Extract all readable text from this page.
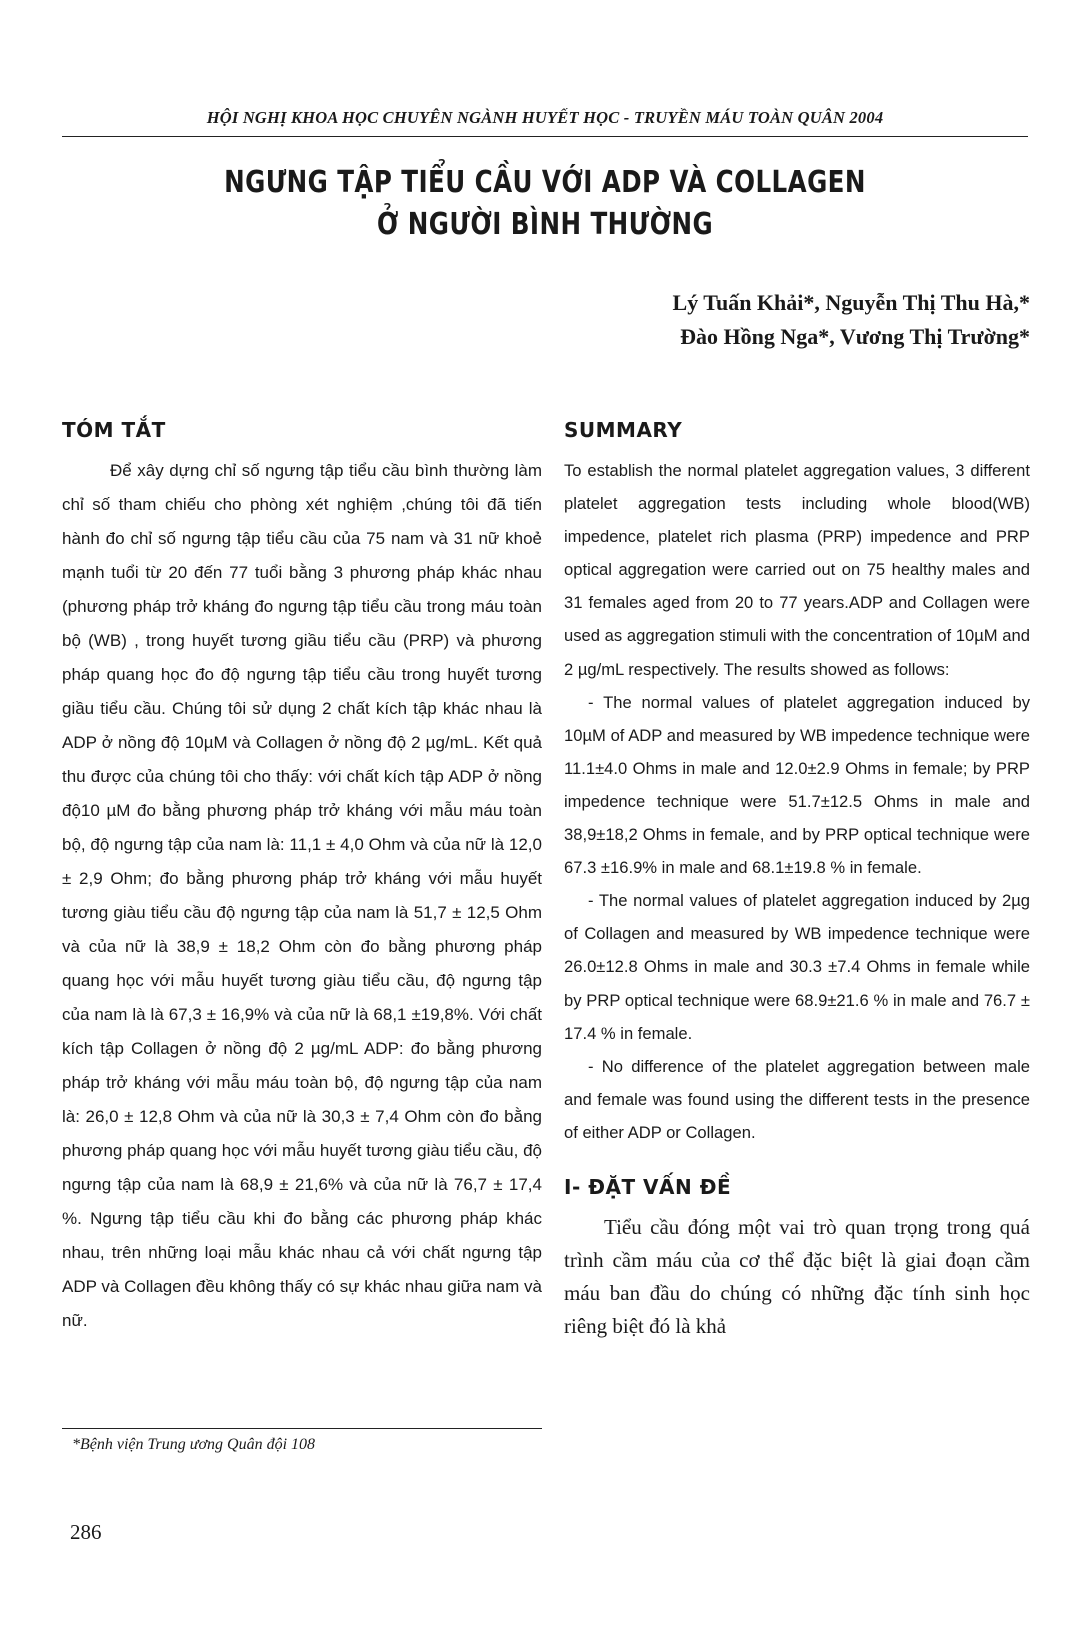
HỘI NGHỊ KHOA HỌC CHUYÊN NGÀNH HUYẾT HỌC - TRUYỀN MÁU TOÀN QUÂN 2004
NGƯNG TẬP TIỂU CẦU VỚI ADP VÀ COLLAGEN
Ở NGƯỜI BÌNH THƯỜNG
Lý Tuấn Khải*, Nguyễn Thị Thu Hà,*
Đào Hồng Nga*, Vương Thị Trường*
TÓM TẮT

Để xây dựng chỉ số ngưng tập tiểu cầu bình thường làm chỉ số tham chiếu cho phòng xét nghiệm ,chúng tôi đã tiến hành đo chỉ số ngưng tập tiểu cầu của 75 nam và 31 nữ khoẻ mạnh tuổi từ 20 đến 77 tuổi bằng 3 phương pháp khác nhau (phương pháp trở kháng đo ngưng tập tiểu cầu trong máu toàn bộ (WB) , trong huyết tương giầu tiểu cầu (PRP) và phương pháp quang học đo độ ngưng tập tiểu cầu trong huyết tương giầu tiểu cầu. Chúng tôi sử dụng 2 chất kích tập khác nhau là ADP ở nồng độ 10µM và Collagen ở nồng độ 2 µg/mL. Kết quả thu được của chúng tôi cho thấy: với chất kích tập ADP ở nồng độ10 µM đo bằng phương pháp trở kháng với mẫu máu toàn bộ, độ ngưng tập của nam là: 11,1 ± 4,0 Ohm và của nữ là 12,0 ± 2,9 Ohm; đo bằng phương pháp trở kháng với mẫu huyết tương giàu tiểu cầu độ ngưng tập của nam là 51,7 ± 12,5 Ohm và của nữ là 38,9 ± 18,2 Ohm còn đo bằng phương pháp quang học với mẫu huyết tương giàu tiểu cầu, độ ngưng tập của nam là là 67,3 ± 16,9% và của nữ là 68,1 ±19,8%. Với chất kích tập Collagen ở nồng độ 2 µg/mL ADP: đo bằng phương pháp trở kháng với mẫu máu toàn bộ, độ ngưng tập của nam là: 26,0 ± 12,8 Ohm và của nữ là 30,3 ± 7,4 Ohm còn đo bằng phương pháp quang học với mẫu huyết tương giàu tiểu cầu, độ ngưng tập của nam là 68,9 ± 21,6% và của nữ là 76,7 ± 17,4 %. Ngưng tập tiểu cầu khi đo bằng các phương pháp khác nhau, trên những loại mẫu khác nhau cả với chất ngưng tập ADP và Collagen đều không thấy có sự khác nhau giữa nam và nữ.

SUMMARY

To establish the normal platelet aggregation values, 3 different platelet aggregation tests including whole blood(WB) impedence, platelet rich plasma (PRP) impedence and PRP optical aggregation were carried out on 75 healthy males and 31 females aged from 20 to 77 years.ADP and Collagen were used as aggregation stimuli with the concentration of 10µM and 2 µg/mL respectively. The results showed as follows:

- The normal values of platelet aggregation induced by 10µM of ADP and measured by WB impedence technique were 11.1±4.0 Ohms in male and 12.0±2.9 Ohms in female; by PRP impedence technique were 51.7±12.5 Ohms in male and 38,9±18,2 Ohms in female, and by PRP optical technique were 67.3 ±16.9% in male and 68.1±19.8 % in female.

- The normal values of platelet aggregation induced by 2µg of Collagen and measured by WB impedence technique were 26.0±12.8 Ohms in male and 30.3 ±7.4 Ohms in female while by PRP optical technique were 68.9±21.6 % in male and 76.7 ± 17.4 % in female.

- No difference of the platelet aggregation between male and female was found using the different tests in the presence of either ADP or Collagen.

I- ĐẶT VẤN ĐỀ

Tiểu cầu đóng một vai trò quan trọng trong quá trình cầm máu của cơ thể đặc biệt là giai đoạn cầm máu ban đầu do chúng có những đặc tính sinh học riêng biệt đó là khả

*Bệnh viện Trung ương Quân đội 108
286
